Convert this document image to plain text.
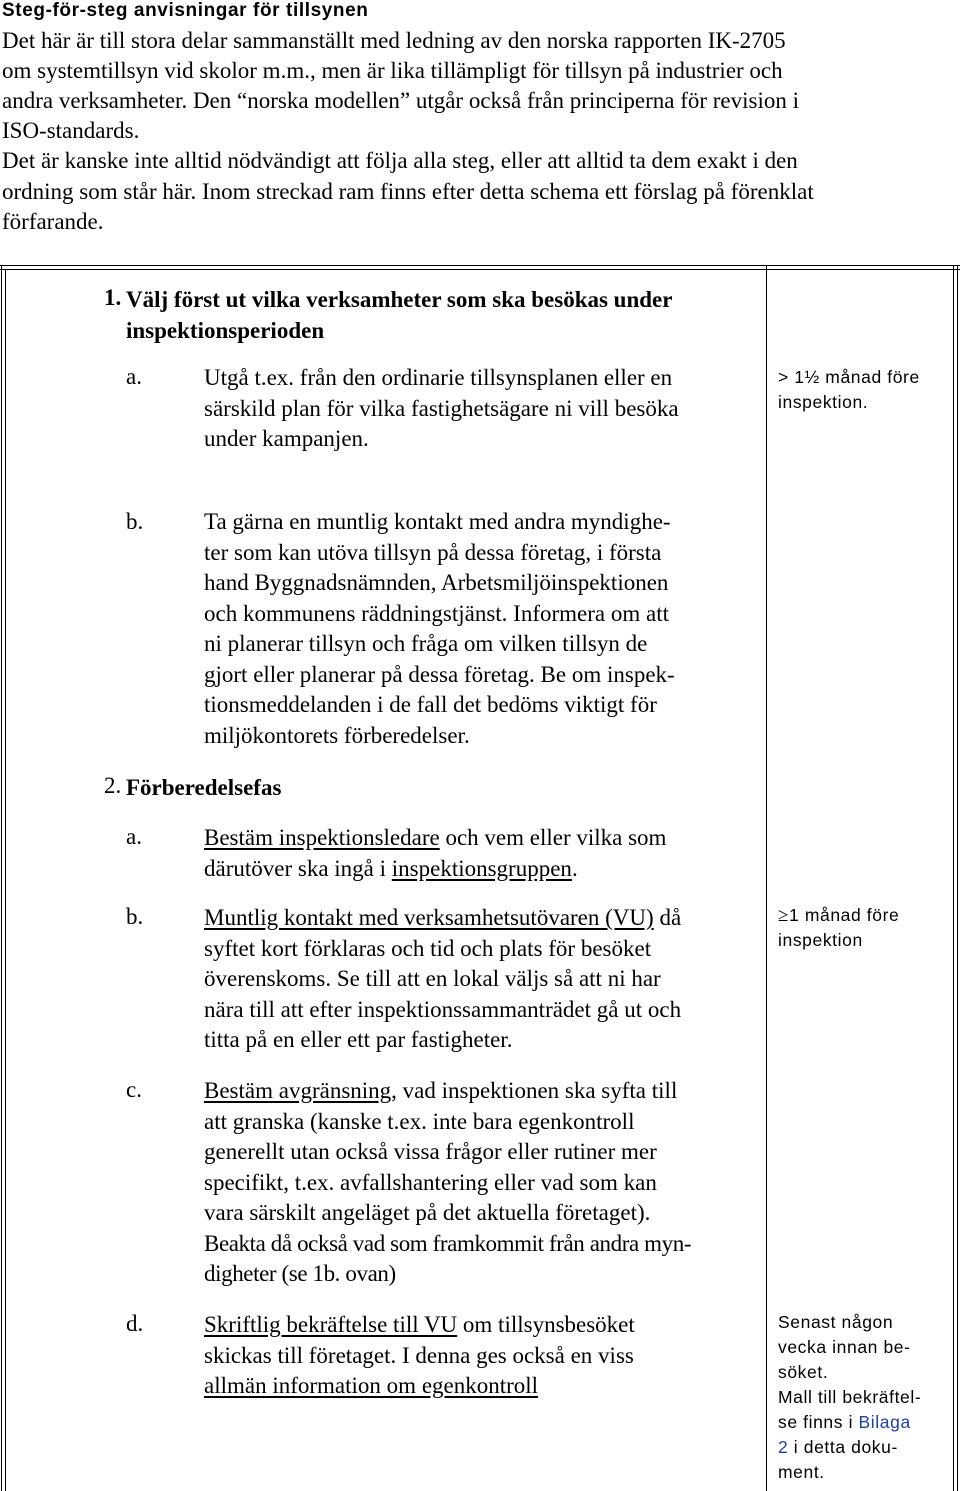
Steg-för-steg anvisningar för tillsynen
Det här är till stora delar sammanställt med ledning av den norska rapporten IK-2705
om systemtillsyn vid skolor m.m., men är lika tillämpligt för tillsyn på industrier och
andra verksamheter. Den “norska modellen” utgår också från principerna för revision i
ISO-standards.
Det är kanske inte alltid nödvändigt att följa alla steg, eller att alltid ta dem exakt i den
ordning som står här. Inom streckad ram finns efter detta schema ett förslag på förenklat
förfarande.
1. Välj först ut vilka verksamheter som ska besökas under
inspektionsperioden
a.	Utgå t.ex. från den ordinarie tillsynsplanen eller en
särskild plan för vilka fastighetsägare ni vill besöka
under kampanjen.
> 1½ månad före
inspektion.
b.	Ta gärna en muntlig kontakt med andra myndighe-
ter som kan utöva tillsyn på dessa företag, i första
hand Byggnadsnämnden, Arbetsmiljöinspektionen
och kommunens räddningstjänst. Informera om att
ni planerar tillsyn och fråga om vilken tillsyn de
gjort eller planerar på dessa företag. Be om inspek-
tionsmeddelanden i de fall det bedöms viktigt för
miljökontorets förberedelser.
2. Förberedelsefas
a.	Bestäm inspektionsledare och vem eller vilka som
därutöver ska ingå i inspektionsgruppen.
b.	Muntlig kontakt med verksamhetsutövaren (VU) då
syftet kort förklaras och tid och plats för besöket
överenskoms. Se till att en lokal väljs så att ni har
nära till att efter inspektionssammanträdet gå ut och
titta på en eller ett par fastigheter.
≥1 månad före
inspektion
c.	Bestäm avgränsning, vad inspektionen ska syfta till
att granska (kanske t.ex. inte bara egenkontroll
generellt utan också vissa frågor eller rutiner mer
specifikt, t.ex. avfallshantering eller vad som kan
vara särskilt angeläget på det aktuella företaget).
Beakta då också vad som framkommit från andra myn-
digheter (se 1b. ovan)
d.	Skriftlig bekräftelse till VU om tillsynsbesöket
skickas till företaget. I denna ges också en viss
allmän information om egenkontroll
Senast någon
vecka innan be-
söket.
Mall till bekräftel-
se finns i Bilaga
2 i detta doku-
ment.
